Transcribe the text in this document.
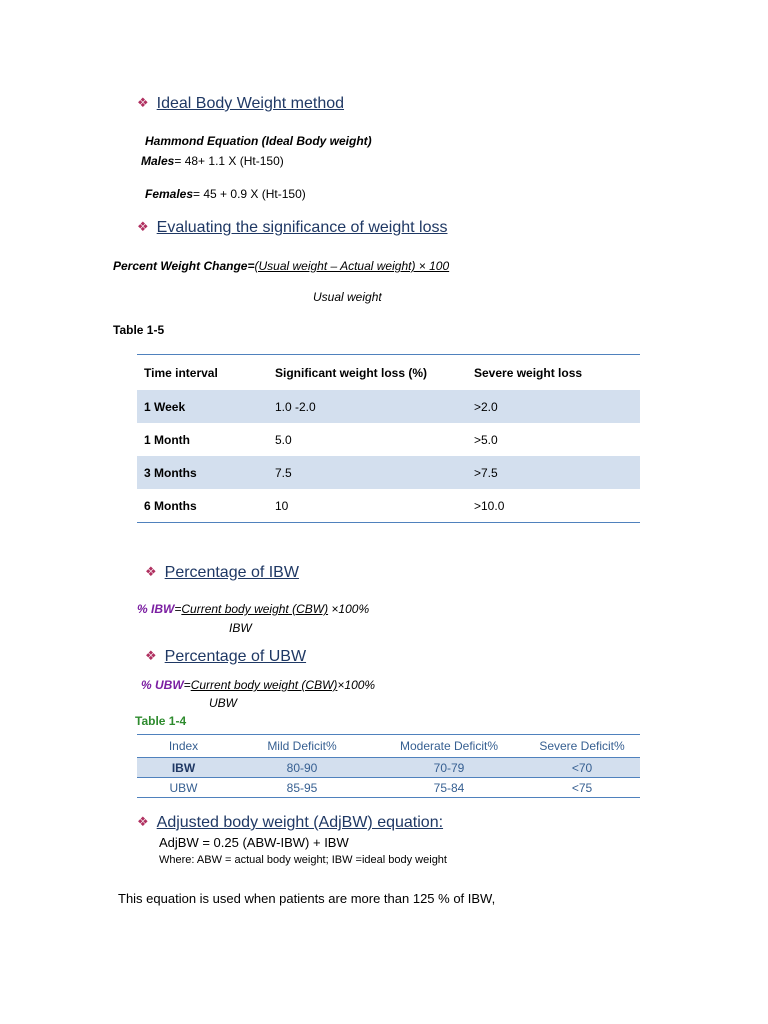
❖ Ideal Body Weight method
Hammond Equation (Ideal Body weight)
Males= 48+ 1.1 X (Ht-150)
Females= 45 + 0.9 X (Ht-150)
❖ Evaluating the significance of weight loss
Percent Weight Change=(Usual weight – Actual weight) × 100
Usual weight
Table 1-5
Time interval	Significant weight loss (%)	Severe weight loss
1 Week	1.0 -2.0	>2.0
1 Month	5.0	>5.0
3 Months	7.5	>7.5
6 Months	10	>10.0
❖ Percentage of IBW
% IBW=Current body weight (CBW) ×100%
IBW
❖ Percentage of UBW
% UBW=Current body weight (CBW)×100%
UBW
Table 1-4
Index	Mild Deficit%	Moderate Deficit%	Severe Deficit%
IBW	80-90	70-79	<70
UBW	85-95	75-84	<75
❖ Adjusted body weight (AdjBW) equation:
AdjBW = 0.25 (ABW-IBW) + IBW
Where: ABW = actual body weight; IBW =ideal body weight
This equation is used when patients are more than 125 % of IBW,
